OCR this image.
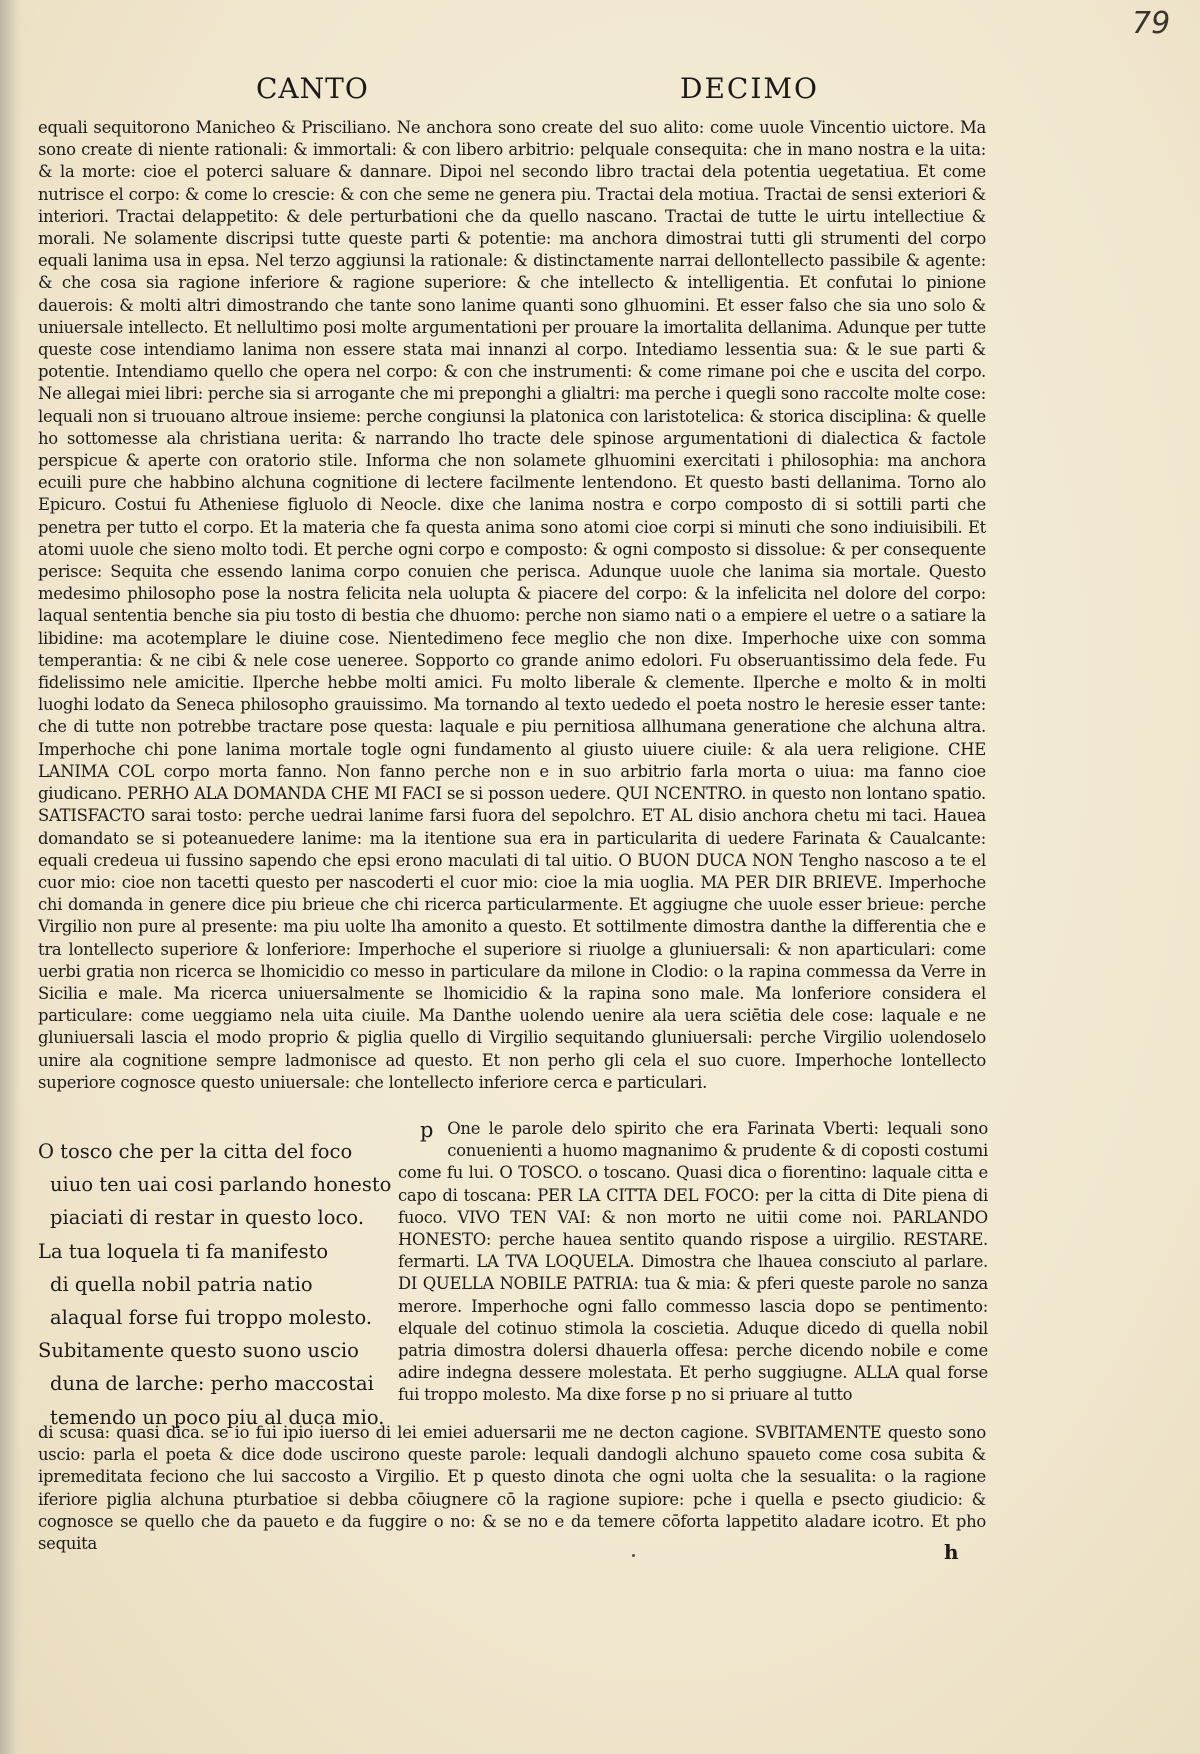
79
CANTO	DECIMO

equali sequitorono Manicheo & Prisciliano. Ne anchora sono create del suo alito: come uuole Vincentio uictore. Ma sono create di niente rationali: & immortali: & con libero arbitrio: pelquale consequita: che in mano nostra e la uita: & la morte: cioe el poterci saluare & dannare. Dipoi nel secondo libro tractai dela potentia uegetatiua. Et come nutrisce el corpo: & come lo crescie: & con che seme ne genera piu. Tractai dela motiua. Tractai de sensi exteriori & interiori. Tractai delappetito: & dele perturbationi che da quello nascano. Tractai de tutte le uirtu intellectiue & morali. Ne solamente discripsi tutte queste parti & potentie: ma anchora dimostrai tutti gli strumenti del corpo equali lanima usa in epsa. Nel terzo aggiunsi la rationale: & distinctamente narrai dellontellecto passibile & agente: & che cosa sia ragione inferiore & ragione superiore: & che intellecto & intelligentia. Et confutai lo pinione dauerois: & molti altri dimostrando che tante sono lanime quanti sono glhuomini. Et esser falso che sia uno solo & uniuersale intellecto. Et nellultimo posi molte argumentationi per prouare la imortalita dellanima. Adunque per tutte queste cose intendiamo lanima non essere stata mai innanzi al corpo. Intediamo lessentia sua: & le sue parti & potentie. Intendiamo quello che opera nel corpo: & con che instrumenti: & come rimane poi che e uscita del corpo. Ne allegai miei libri: perche sia si arrogante che mi preponghi a glialtri: ma perche i quegli sono raccolte molte cose: lequali non si truouano altroue insieme: perche congiunsi la platonica con laristotelica: & storica disciplina: & quelle ho sottomesse ala christiana uerita: & narrando lho tracte dele spinose argumentationi di dialectica & factole perspicue & aperte con oratorio stile. Informa che non solamete glhuomini exercitati i philosophia: ma anchora ecuili pure che habbino alchuna cognitione di lectere facilmente lentendono. Et questo basti dellanima. Torno alo Epicuro. Costui fu Atheniese figluolo di Neocle. dixe che lanima nostra e corpo composto di si sottili parti che penetra per tutto el corpo. Et la materia che fa questa anima sono atomi cioe corpi si minuti che sono indiuisibili. Et atomi uuole che sieno molto todi. Et perche ogni corpo e composto: & ogni composto si dissolue: & per consequente perisce: Sequita che essendo lanima corpo conuien che perisca. Adunque uuole che lanima sia mortale. Questo medesimo philosopho pose la nostra felicita nela uolupta & piacere del corpo: & la infelicita nel dolore del corpo: laqual sententia benche sia piu tosto di bestia che dhuomo: perche non siamo nati o a empiere el uetre o a satiare la libidine: ma acotemplare le diuine cose. Nientedimeno fece meglio che non dixe. Imperhoche uixe con somma temperantia: & ne cibi & nele cose ueneree. Sopporto co grande animo edolori. Fu obseruantissimo dela fede. Fu fidelissimo nele amicitie. Ilperche hebbe molti amici. Fu molto liberale & clemente. Ilperche e molto & in molti luoghi lodato da Seneca philosopho grauissimo. Ma tornando al texto uededo el poeta nostro le heresie esser tante: che di tutte non potrebbe tractare pose questa: laquale e piu pernitiosa allhumana generatione che alchuna altra. Imperhoche chi pone lanima mortale togle ogni fundamento al giusto uiuere ciuile: & ala uera religione. CHE LANIMA COL corpo morta fanno. Non fanno perche non e in suo arbitrio farla morta o uiua: ma fanno cioe giudicano. PERHO ALA DOMANDA CHE MI FACI se si posson uedere. QUI NCENTRO. in questo non lontano spatio. SATISFACTO sarai tosto: perche uedrai lanime farsi fuora del sepolchro. ET AL disio anchora chetu mi taci. Hauea domandato se si poteanuedere lanime: ma la itentione sua era in particularita di uedere Farinata & Caualcante: equali credeua ui fussino sapendo che epsi erono maculati di tal uitio. O BUON DUCA NON Tengho nascoso a te el cuor mio: cioe non tacetti questo per nascoderti el cuor mio: cioe la mia uoglia. MA PER DIR BRIEVE. Imperhoche chi domanda in genere dice piu brieue che chi ricerca particularmente. Et aggiugne che uuole esser brieue: perche Virgilio non pure al presente: ma piu uolte lha amonito a questo. Et sottilmente dimostra danthe la differentia che e tra lontellecto superiore & lonferiore: Imperhoche el superiore si riuolge a gluniuersali: & non aparticulari: come uerbi gratia non ricerca se lhomicidio co messo in particulare da milone in Clodio: o la rapina commessa da Verre in Sicilia e male. Ma ricerca uniuersalmente se lhomicidio & la rapina sono male. Ma lonferiore considera el particulare: come ueggiamo nela uita ciuile. Ma Danthe uolendo uenire ala uera sciētia dele cose: laquale e ne gluniuersali lascia el modo proprio & piglia quello di Virgilio sequitando gluniuersali: perche Virgilio uolendoselo unire ala cognitione sempre ladmonisce ad questo. Et non perho gli cela el suo cuore. Imperhoche lontellecto superiore cognosce questo uniuersale: che lontellecto inferiore cerca e particulari.

O tosco che per la citta del foco
uiuo ten uai cosi parlando honesto
piaciati di restar in questo loco.
La tua loquela ti fa manifesto
di quella nobil patria natio
alaqual forse fui troppo molesto.
Subitamente questo suono uscio
duna de larche: perho maccostai
temendo un poco piu al duca mio.
p One le parole delo spirito che era Farinata Vberti: lequali sono conuenienti a huomo magnanimo & prudente & di coposti costumi come fu lui. O TOSCO. o toscano. Quasi dica o fiorentino: laquale citta e capo di toscana: PER LA CITTA DEL FOCO: per la citta di Dite piena di fuoco. VIVO TEN VAI: & non morto ne uitii come noi. PARLANDO HONESTO: perche hauea sentito quando rispose a uirgilio. RESTARE. fermarti. LA TVA LOQUELA. Dimostra che lhauea consciuto al parlare. DI QUELLA NOBILE PATRIA: tua & mia: & pferi queste parole no sanza merore. Imperhoche ogni fallo commesso lascia dopo se pentimento: elquale del cotinuo stimola la coscietia. Aduque dicedo di quella nobil patria dimostra dolersi dhauerla offesa: perche dicendo nobile e come adire indegna dessere molestata. Et perho suggiugne. ALLA qual forse fui troppo molesto. Ma dixe forse p no si priuare al tutto

di scusa: quasi dica. se io fui ipio iuerso di lei emiei aduersarii me ne decton cagione. SVBITAMENTE questo sono uscio: parla el poeta & dice dode uscirono queste parole: lequali dandogli alchuno spaueto come cosa subita & ipremeditata feciono che lui saccosto a Virgilio. Et p questo dinota che ogni uolta che la sesualita: o la ragione iferiore piglia alchuna pturbatioe si debba cōiugnere cō la ragione supiore: pche i quella e psecto giudicio: & cognosce se quello che da paueto e da fuggire o no: & se no e da temere cōforta lappetito aladare icotro. Et pho sequita	h
